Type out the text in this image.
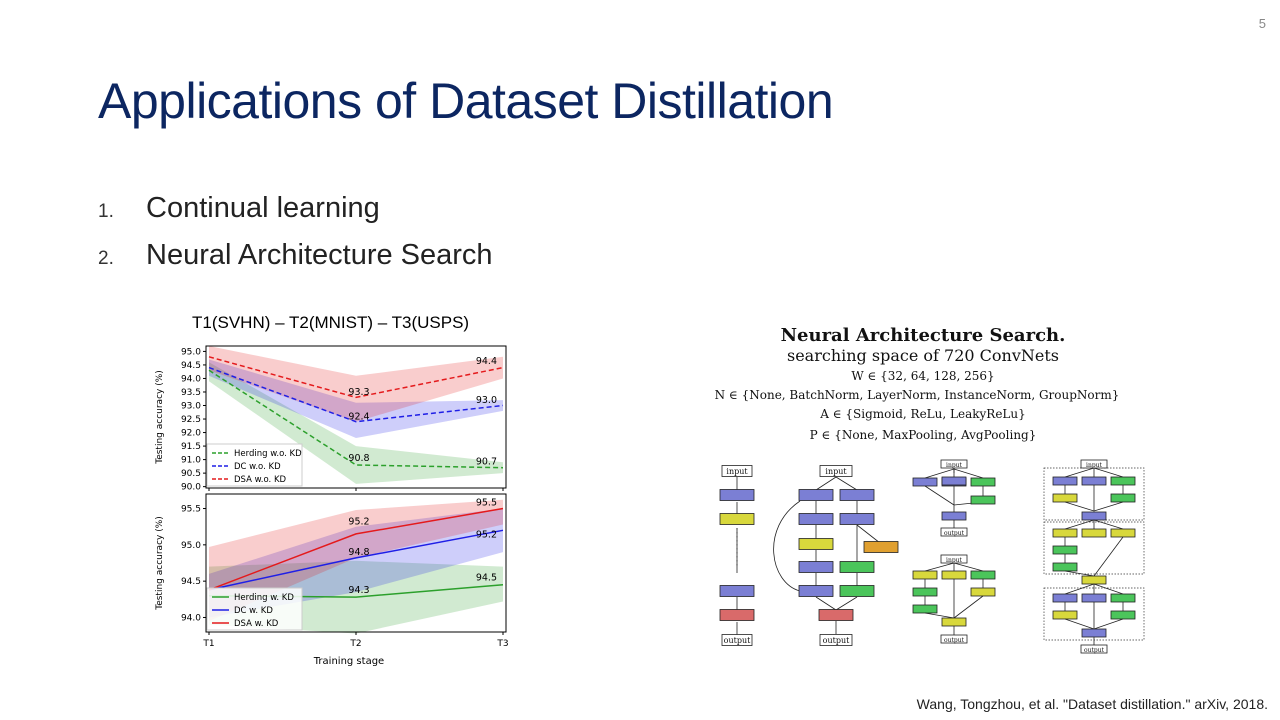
5
Applications of Dataset Distillation
1.	Continual learning
2.	Neural Architecture Search
T1(SVHN) – T2(MNIST) – T3(USPS)
90.0
90.5
91.0
91.5
92.0
92.5
93.0
93.5
94.0
94.5
95.0
Testing accuracy (%)	93.3
92.4
90.8
94.4
93.0
90.7
Herding w.o. KD
DC w.o. KD
DSA w.o. KD
94.0
94.5
95.0
95.5
T1	T2	T3
Testing accuracy (%)	95.2
94.8
94.3
95.5
95.2
94.5
Herding w. KD
DC w. KD
DSA w. KD
Training stage
Neural Architecture Search.
searching space of 720 ConvNets
W ∈ {32, 64, 128, 256}
N ∈ {None, BatchNorm, LayerNorm, InstanceNorm, GroupNorm}
A ∈ {Sigmoid, ReLu, LeakyReLu}
P ∈ {None, MaxPooling, AvgPooling}
input
output
input
output
input
output
input
output
input
output
Wang, Tongzhou, et al. "Dataset distillation." arXiv, 2018.
